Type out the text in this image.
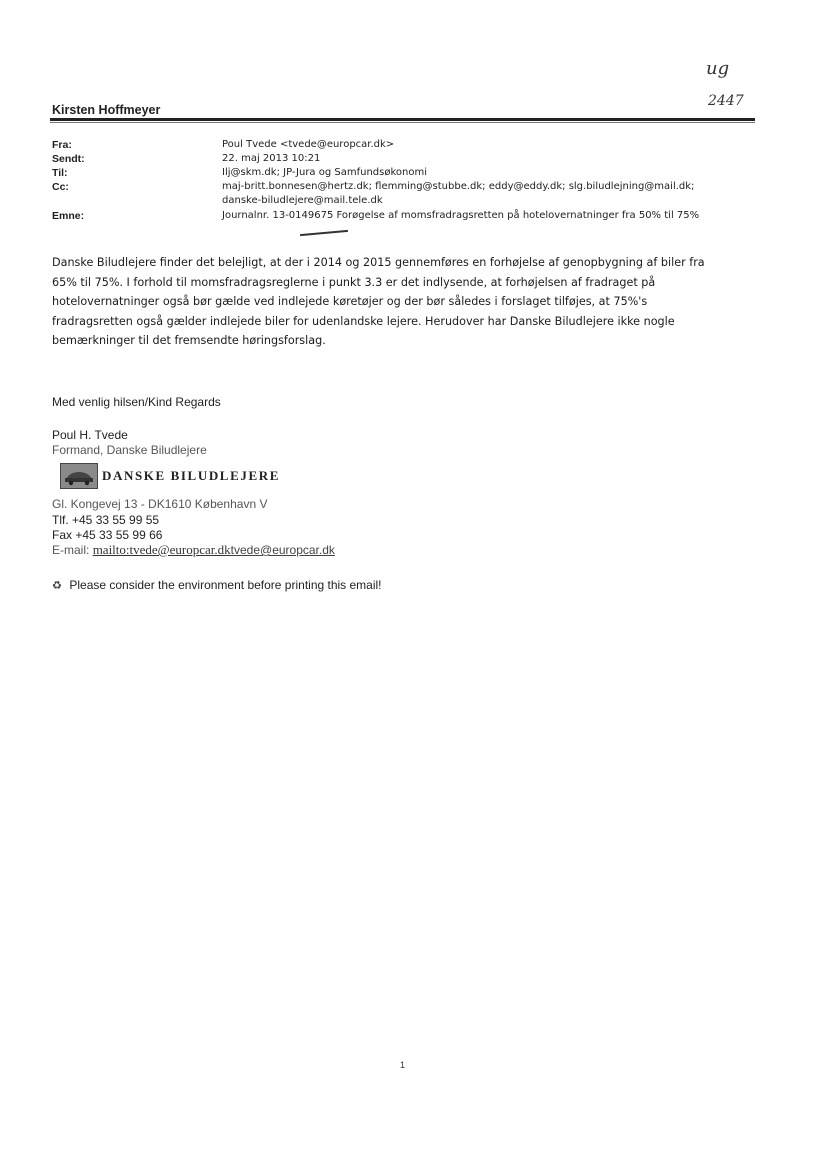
ug
2447
Kirsten Hoffmeyer
Fra:	Poul Tvede <tvede@europcar.dk>
Sendt:	22. maj 2013 10:21
Til:	Ilj@skm.dk; JP-Jura og Samfundsøkonomi
Cc:	maj-britt.bonnesen@hertz.dk; flemming@stubbe.dk; eddy@eddy.dk; slg.biludlejning@mail.dk;
danske-biludlejere@mail.tele.dk
Emne:	Journalnr. 13-0149675 Forøgelse af momsfradragsretten på hotelovernatninger fra 50% til 75%

Danske Biludlejere finder det belejligt, at der i 2014 og 2015 gennemføres en forhøjelse af genopbygning af biler fra

65% til 75%. I forhold til momsfradragsreglerne i punkt 3.3 er det indlysende, at forhøjelsen af fradraget på

hotelovernatninger også bør gælde ved indlejede køretøjer og der bør således i forslaget tilføjes, at 75%'s

fradragsretten også gælder indlejede biler for udenlandske lejere. Herudover har Danske Biludlejere ikke nogle

bemærkninger til det fremsendte høringsforslag.

Med venlig hilsen/Kind Regards
Poul H. Tvede
Formand, Danske Biludlejere
DANSKE BILUDLEJERE
Gl. Kongevej 13 - DK1610 København V
Tlf. +45 33 55 99 55
Fax +45 33 55 99 66
E-mail: mailto:tvede@europcar.dktvede@europcar.dk
♻ Please consider the environment before printing this email!
1
